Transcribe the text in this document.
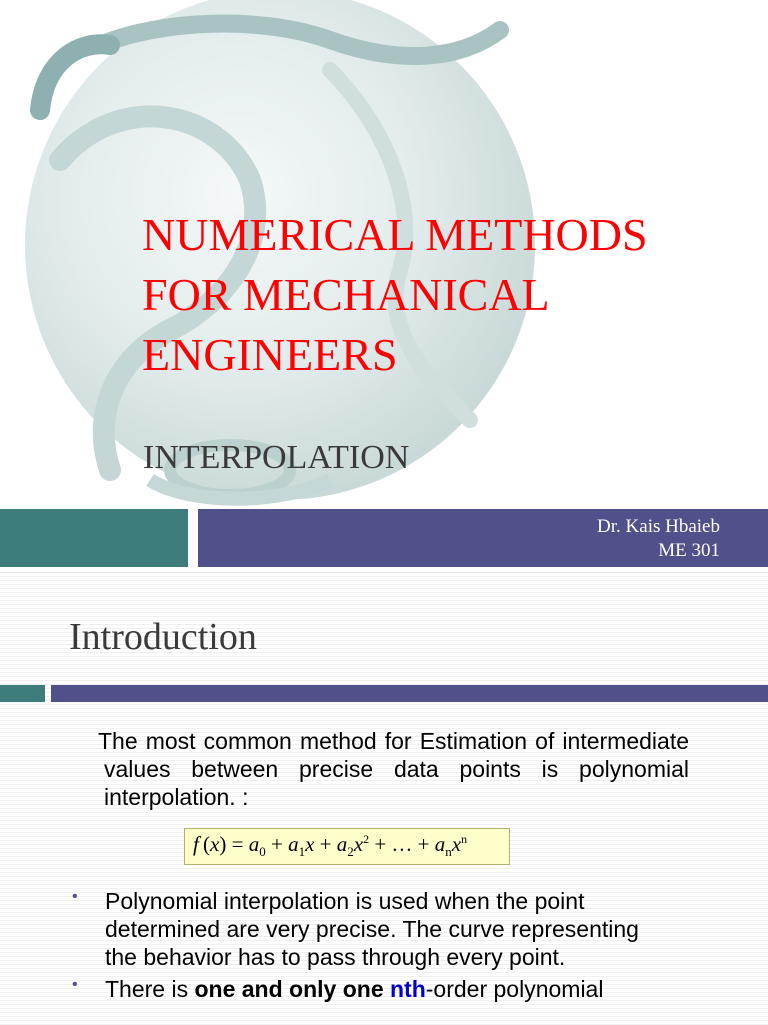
NUMERICAL METHODS
FOR MECHANICAL
ENGINEERS
INTERPOLATION
Dr. Kais Hbaieb
ME 301
Introduction

The most common method for Estimation of intermediate values between precise data points is polynomial interpolation. :

f $(x) = a_0 + a_1x + a_2x^2$ + … + $a_nx^n$
• Polynomial interpolation is used when the point determined are very precise. The curve representing the behavior has to pass through every point.
• There is one and only one nth-order polynomial
